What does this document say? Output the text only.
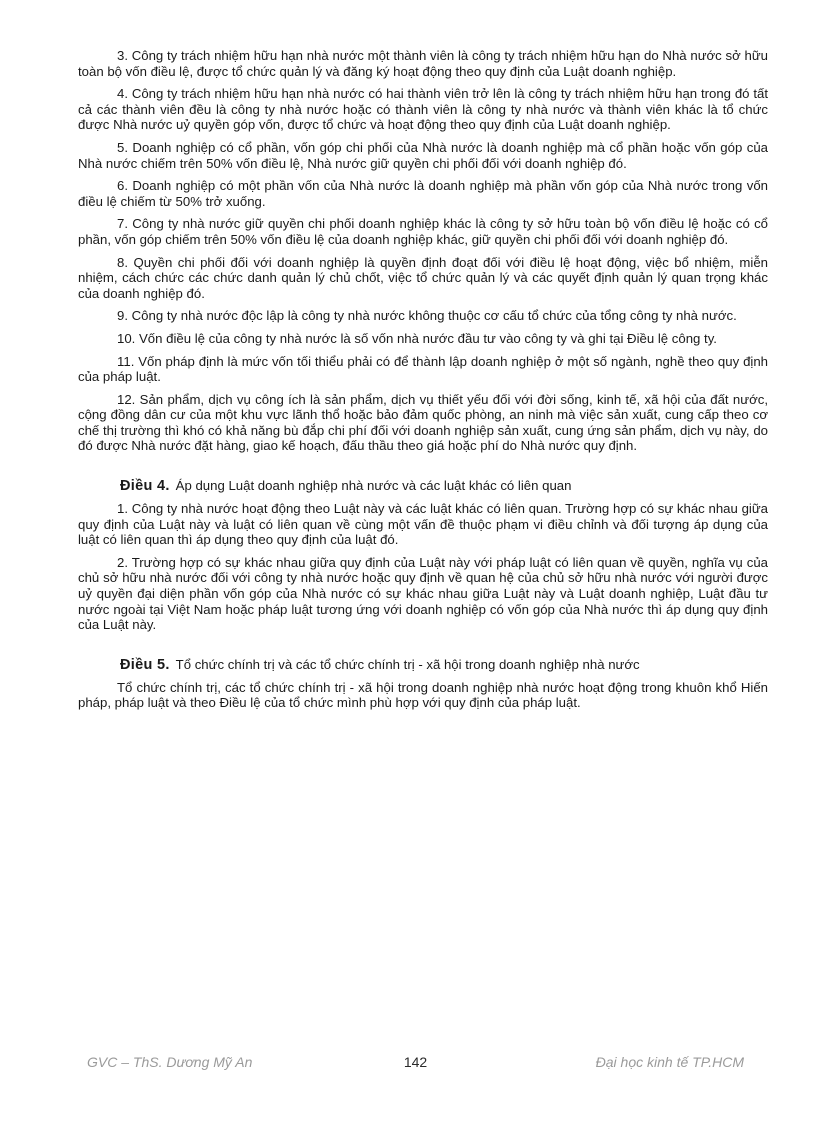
3. Công ty trách nhiệm hữu hạn nhà nước một thành viên là công ty trách nhiệm hữu hạn do Nhà nước sở hữu toàn bộ vốn điều lệ, được tổ chức quản lý và đăng ký hoạt động theo quy định của Luật doanh nghiệp.

4. Công ty trách nhiệm hữu hạn nhà nước có hai thành viên trở lên là công ty trách nhiệm hữu hạn trong đó tất cả các thành viên đều là công ty nhà nước hoặc có thành viên là công ty nhà nước và thành viên khác là tổ chức được Nhà nước uỷ quyền góp vốn, được tổ chức và hoạt động theo quy định của Luật doanh nghiệp.

5. Doanh nghiệp có cổ phần, vốn góp chi phối của Nhà nước là doanh nghiệp mà cổ phần hoặc vốn góp của Nhà nước chiếm trên 50% vốn điều lệ, Nhà nước giữ quyền chi phối đối với doanh nghiệp đó.

6. Doanh nghiệp có một phần vốn của Nhà nước là doanh nghiệp mà phần vốn góp của Nhà nước trong vốn điều lệ chiếm từ 50% trở xuống.

7. Công ty nhà nước giữ quyền chi phối doanh nghiệp khác là công ty sở hữu toàn bộ vốn điều lệ hoặc có cổ phần, vốn góp chiếm trên 50% vốn điều lệ của doanh nghiệp khác, giữ quyền chi phối đối với doanh nghiệp đó.

8. Quyền chi phối đối với doanh nghiệp là quyền định đoạt đối với điều lệ hoạt động, việc bổ nhiệm, miễn nhiệm, cách chức các chức danh quản lý chủ chốt, việc tổ chức quản lý và các quyết định quản lý quan trọng khác của doanh nghiệp đó.

9. Công ty nhà nước độc lập là công ty nhà nước không thuộc cơ cấu tổ chức của tổng công ty nhà nước.

10. Vốn điều lệ của công ty nhà nước là số vốn nhà nước đầu tư vào công ty và ghi tại Điều lệ công ty.

11. Vốn pháp định là mức vốn tối thiểu phải có để thành lập doanh nghiệp ở một số ngành, nghề theo quy định của pháp luật.

12. Sản phẩm, dịch vụ công ích là sản phẩm, dịch vụ thiết yếu đối với đời sống, kinh tế, xã hội của đất nước, cộng đồng dân cư của một khu vực lãnh thổ hoặc bảo đảm quốc phòng, an ninh mà việc sản xuất, cung cấp theo cơ chế thị trường thì khó có khả năng bù đắp chi phí đối với doanh nghiệp sản xuất, cung ứng sản phẩm, dịch vụ này, do đó được Nhà nước đặt hàng, giao kế hoạch, đấu thầu theo giá hoặc phí do Nhà nước quy định.

Điều 4. Áp dụng Luật doanh nghiệp nhà nước và các luật khác có liên quan

1. Công ty nhà nước hoạt động theo Luật này và các luật khác có liên quan. Trường hợp có sự khác nhau giữa quy định của Luật này và luật có liên quan về cùng một vấn đề thuộc phạm vi điều chỉnh và đối tượng áp dụng của luật có liên quan thì áp dụng theo quy định của luật đó.

2. Trường hợp có sự khác nhau giữa quy định của Luật này với pháp luật có liên quan về quyền, nghĩa vụ của chủ sở hữu nhà nước đối với công ty nhà nước hoặc quy định về quan hệ của chủ sở hữu nhà nước với người được uỷ quyền đại diện phần vốn góp của Nhà nước có sự khác nhau giữa Luật này và Luật doanh nghiệp, Luật đầu tư nước ngoài tại Việt Nam hoặc pháp luật tương ứng với doanh nghiệp có vốn góp của Nhà nước thì áp dụng quy định của Luật này.

Điều 5. Tổ chức chính trị và các tổ chức chính trị - xã hội trong doanh nghiệp nhà nước

Tổ chức chính trị, các tổ chức chính trị - xã hội trong doanh nghiệp nhà nước hoạt động trong khuôn khổ Hiến pháp, pháp luật và theo Điều lệ của tổ chức mình phù hợp với quy định của pháp luật.

GVC – ThS. Dương Mỹ An	142	Đại học kinh tế TP.HCM
